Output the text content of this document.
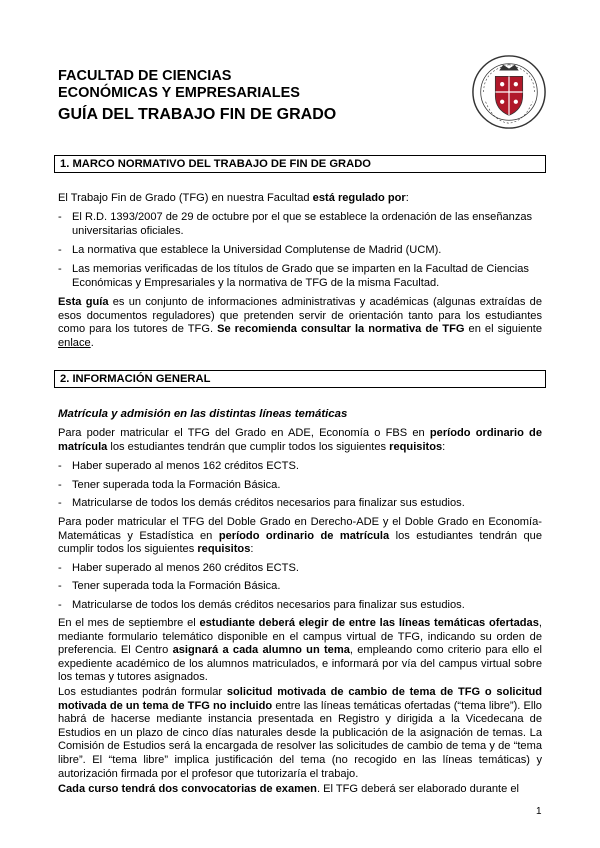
FACULTAD DE CIENCIAS
ECONÓMICAS Y EMPRESARIALES
GUÍA DEL TRABAJO FIN DE GRADO
1. MARCO NORMATIVO DEL TRABAJO DE FIN DE GRADO
El Trabajo Fin de Grado (TFG) en nuestra Facultad está regulado por:
- El R.D. 1393/2007 de 29 de octubre por el que se establece la ordenación de las enseñanzas universitarias oficiales.
- La normativa que establece la Universidad Complutense de Madrid (UCM).
- Las memorias verificadas de los títulos de Grado que se imparten en la Facultad de Ciencias Económicas y Empresariales y la normativa de TFG de la misma Facultad.
Esta guía es un conjunto de informaciones administrativas y académicas (algunas extraídas de esos documentos reguladores) que pretenden servir de orientación tanto para los estudiantes como para los tutores de TFG. Se recomienda consultar la normativa de TFG en el siguiente enlace.
2. INFORMACIÓN GENERAL
Matrícula y admisión en las distintas líneas temáticas
Para poder matricular el TFG del Grado en ADE, Economía o FBS en período ordinario de matrícula los estudiantes tendrán que cumplir todos los siguientes requisitos:
- Haber superado al menos 162 créditos ECTS.
- Tener superada toda la Formación Básica.
- Matricularse de todos los demás créditos necesarios para finalizar sus estudios.
Para poder matricular el TFG del Doble Grado en Derecho-ADE y el Doble Grado en Economía-Matemáticas y Estadística en período ordinario de matrícula los estudiantes tendrán que cumplir todos los siguientes requisitos:
- Haber superado al menos 260 créditos ECTS.
- Tener superada toda la Formación Básica.
- Matricularse de todos los demás créditos necesarios para finalizar sus estudios.
En el mes de septiembre el estudiante deberá elegir de entre las líneas temáticas ofertadas, mediante formulario telemático disponible en el campus virtual de TFG, indicando su orden de preferencia. El Centro asignará a cada alumno un tema, empleando como criterio para ello el expediente académico de los alumnos matriculados, e informará por vía del campus virtual sobre los temas y tutores asignados.
Los estudiantes podrán formular solicitud motivada de cambio de tema de TFG o solicitud motivada de un tema de TFG no incluido entre las líneas temáticas ofertadas (“tema libre”). Ello habrá de hacerse mediante instancia presentada en Registro y dirigida a la Vicedecana de Estudios en un plazo de cinco días naturales desde la publicación de la asignación de temas. La Comisión de Estudios será la encargada de resolver las solicitudes de cambio de tema y de “tema libre”. El “tema libre” implica justificación del tema (no recogido en las líneas temáticas) y autorización firmada por el profesor que tutorizaría el trabajo.
Cada curso tendrá dos convocatorias de examen. El TFG deberá ser elaborado durante el
1
